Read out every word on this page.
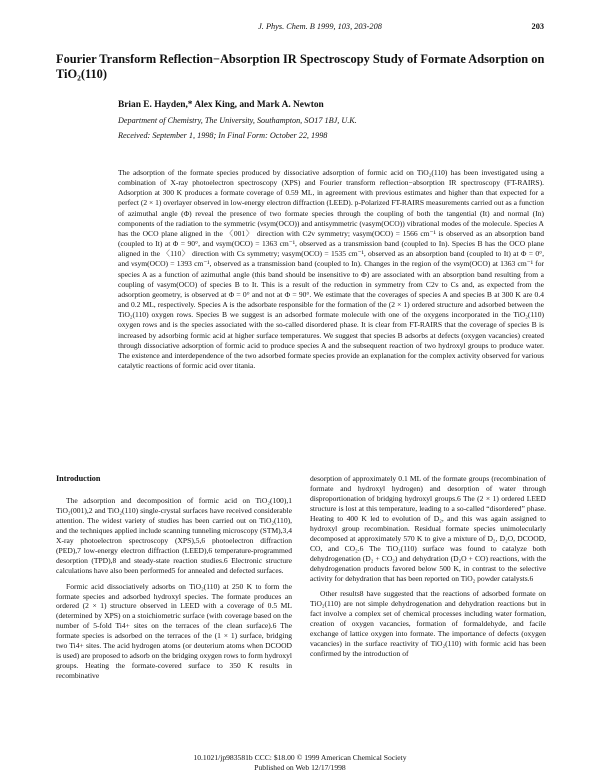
J. Phys. Chem. B 1999, 103, 203-208	203
Fourier Transform Reflection−Absorption IR Spectroscopy Study of Formate Adsorption on TiO₂(110)
Brian E. Hayden,* Alex King, and Mark A. Newton
Department of Chemistry, The University, Southampton, SO17 1BJ, U.K.
Received: September 1, 1998; In Final Form: October 22, 1998
The adsorption of the formate species produced by dissociative adsorption of formic acid on TiO₂(110) has been investigated using a combination of X-ray photoelectron spectroscopy (XPS) and Fourier transform reflection−absorption IR spectroscopy (FT-RAIRS). Adsorption at 300 K produces a formate coverage of 0.59 ML, in agreement with previous estimates and higher than that expected for a perfect (2 × 1) overlayer observed in low-energy electron diffraction (LEED). p-Polarized FT-RAIRS measurements carried out as a function of azimuthal angle (Φ) reveal the presence of two formate species through the coupling of both the tangential (It) and normal (In) components of the radiation to the symmetric (νsym(OCO)) and antisymmetric (νasym(OCO)) vibrational modes of the molecule. Species A has the OCO plane aligned in the 〈001〉 direction with C2v symmetry; νasym(OCO) = 1566 cm⁻¹ is observed as an absorption band (coupled to It) at Φ = 90°, and νsym(OCO) = 1363 cm⁻¹, observed as a transmission band (coupled to In). Species B has the OCO plane aligned in the 〈110〉 direction with Cs symmetry; νasym(OCO) = 1535 cm⁻¹, observed as an absorption band (coupled to It) at Φ = 0°, and νsym(OCO) = 1393 cm⁻¹, observed as a transmission band (coupled to In). Changes in the region of the νsym(OCO) at 1363 cm⁻¹ for species A as a function of azimuthal angle (this band should be insensitive to Φ) are associated with an absorption band resulting from a coupling of νasym(OCO) of species B to It. This is a result of the reduction in symmetry from C2v to Cs and, as expected from the adsorption geometry, is observed at Φ = 0° and not at Φ = 90°. We estimate that the coverages of species A and species B at 300 K are 0.4 and 0.2 ML, respectively. Species A is the adsorbate responsible for the formation of the (2 × 1) ordered structure and adsorbed between the TiO₂(110) oxygen rows. Species B we suggest is an adsorbed formate molecule with one of the oxygens incorporated in the TiO₂(110) oxygen rows and is the species associated with the so-called disordered phase. It is clear from FT-RAIRS that the coverage of species B is increased by adsorbing formic acid at higher surface temperatures. We suggest that species B adsorbs at defects (oxygen vacancies) created through dissociative adsorption of formic acid to produce species A and the subsequent reaction of two hydroxyl groups to produce water. The existence and interdependence of the two adsorbed formate species provide an explanation for the complex activity observed for various catalytic reactions of formic acid over titania.
Introduction

The adsorption and decomposition of formic acid on TiO₂(100),1 TiO₂(001),2 and TiO₂(110) single-crystal surfaces have received considerable attention. The widest variety of studies has been carried out on TiO₂(110), and the techniques applied include scanning tunneling microscopy (STM),3,4 X-ray photoelectron spectroscopy (XPS),5,6 photoelectron diffraction (PED),7 low-energy electron diffraction (LEED),6 temperature-programmed desorption (TPD),8 and steady-state reaction studies.6 Electronic structure calculations have also been performed5 for annealed and defected surfaces.

Formic acid dissociatively adsorbs on TiO₂(110) at 250 K to form the formate species and adsorbed hydroxyl species. The formate produces an ordered (2 × 1) structure observed in LEED with a coverage of 0.5 ML (determined by XPS) on a stoichiometric surface (with coverage based on the number of 5-fold Ti4+ sites on the terraces of the clean surface).6 The formate species is adsorbed on the terraces of the (1 × 1) surface, bridging two Ti4+ sites. The acid hydrogen atoms (or deuterium atoms when DCOOD is used) are proposed to adsorb on the bridging oxygen rows to form hydroxyl groups. Heating the formate-covered surface to 350 K results in recombinative

desorption of approximately 0.1 ML of the formate groups (recombination of formate and hydroxyl hydrogen) and desorption of water through disproportionation of bridging hydroxyl groups.6 The (2 × 1) ordered LEED structure is lost at this temperature, leading to a so-called “disordered” phase. Heating to 400 K led to evolution of D₂, and this was again assigned to hydroxyl group recombination. Residual formate species unimolecularly decomposed at approximately 570 K to give a mixture of D₂, D₂O, DCOOD, CO, and CO₂.6 The TiO₂(110) surface was found to catalyze both dehydrogenation (D₂ + CO₂) and dehydration (D₂O + CO) reactions, with the dehydrogenation products favored below 500 K, in contrast to the selective activity for dehydration that has been reported on TiO₂ powder catalysts.6

Other results8 have suggested that the reactions of adsorbed formate on TiO₂(110) are not simple dehydrogenation and dehydration reactions but in fact involve a complex set of chemical processes including water formation, creation of oxygen vacancies, formation of formaldehyde, and facile exchange of lattice oxygen into formate. The importance of defects (oxygen vacancies) in the surface reactivity of TiO₂(110) with formic acid has been confirmed by the introduction of

10.1021/jp983581b CCC: $18.00 © 1999 American Chemical Society
Published on Web 12/17/1998
